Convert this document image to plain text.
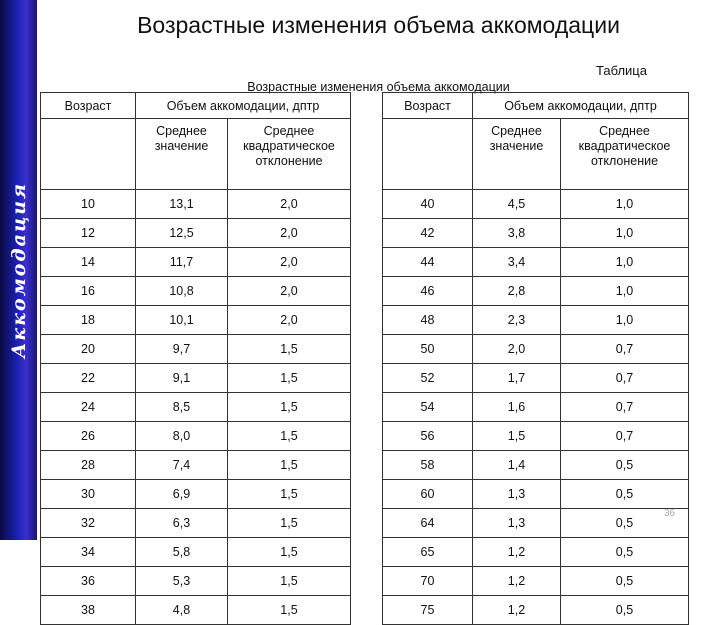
Аккомодация
Возрастные изменения объема аккомодации
Таблица
Возрастные изменения объема аккомодации
Возраст	Объем аккомодации, дптр			Возраст	Объем аккомодации, дптр	
	Среднее значение	Среднее квадратическое отклонение			Среднее значение	Среднее квадратическое отклонение
10	13,1	2,0		40	4,5	1,0
12	12,5	2,0		42	3,8	1,0
14	11,7	2,0		44	3,4	1,0
16	10,8	2,0		46	2,8	1,0
18	10,1	2,0		48	2,3	1,0
20	9,7	1,5		50	2,0	0,7
22	9,1	1,5		52	1,7	0,7
24	8,5	1,5		54	1,6	0,7
26	8,0	1,5		56	1,5	0,7
28	7,4	1,5		58	1,4	0,5
30	6,9	1,5		60	1,3	0,5
32	6,3	1,5		64	1,3	0,5
34	5,8	1,5		65	1,2	0,5
36	5,3	1,5		70	1,2	0,5
38	4,8	1,5		75	1,2	0,5
36
